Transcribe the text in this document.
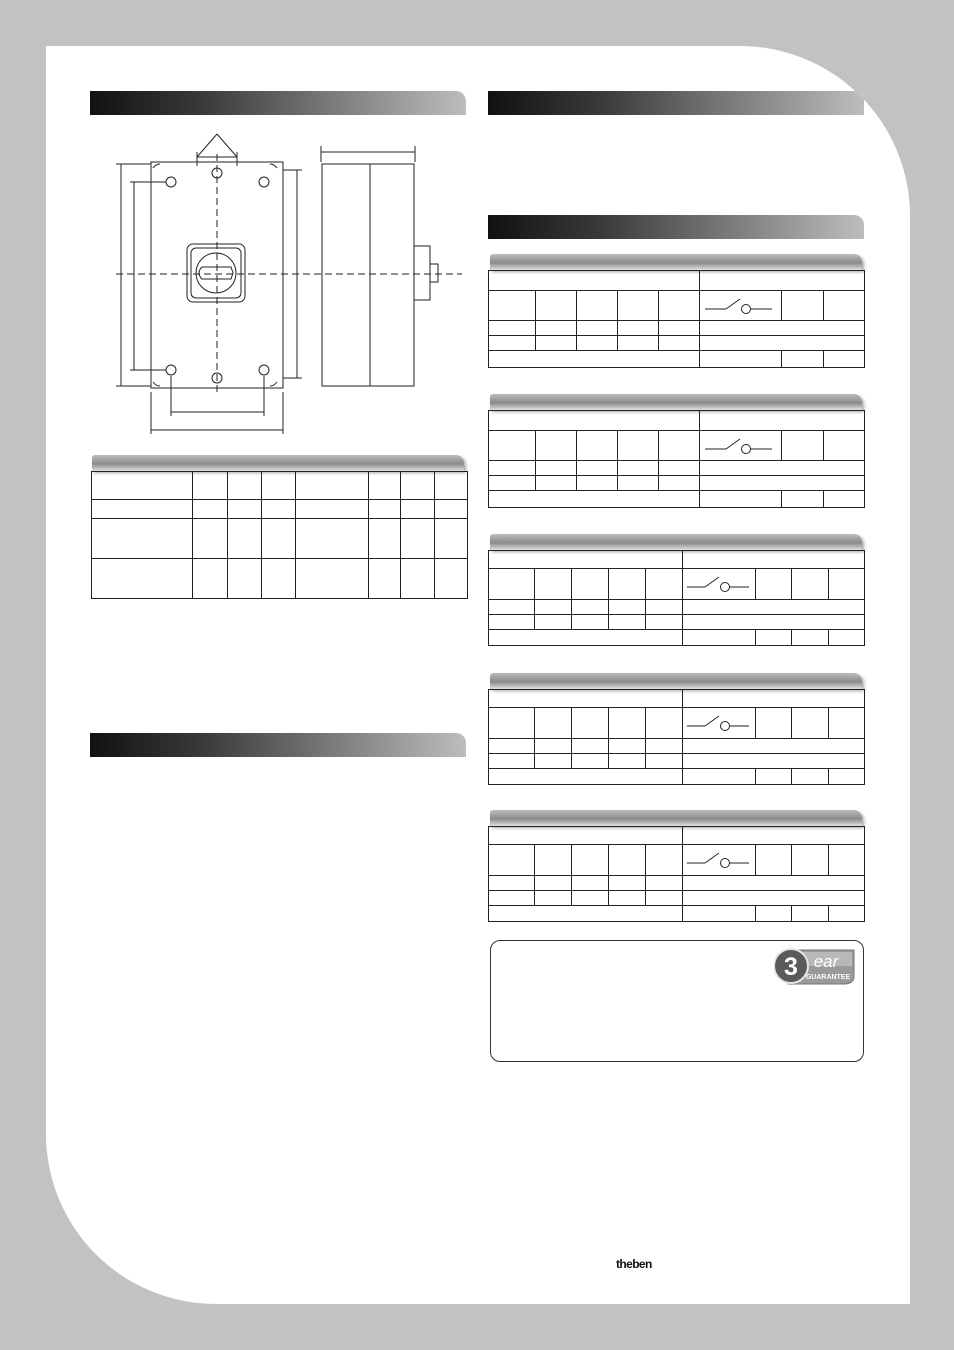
3 ear
GUARANTEE
theben
